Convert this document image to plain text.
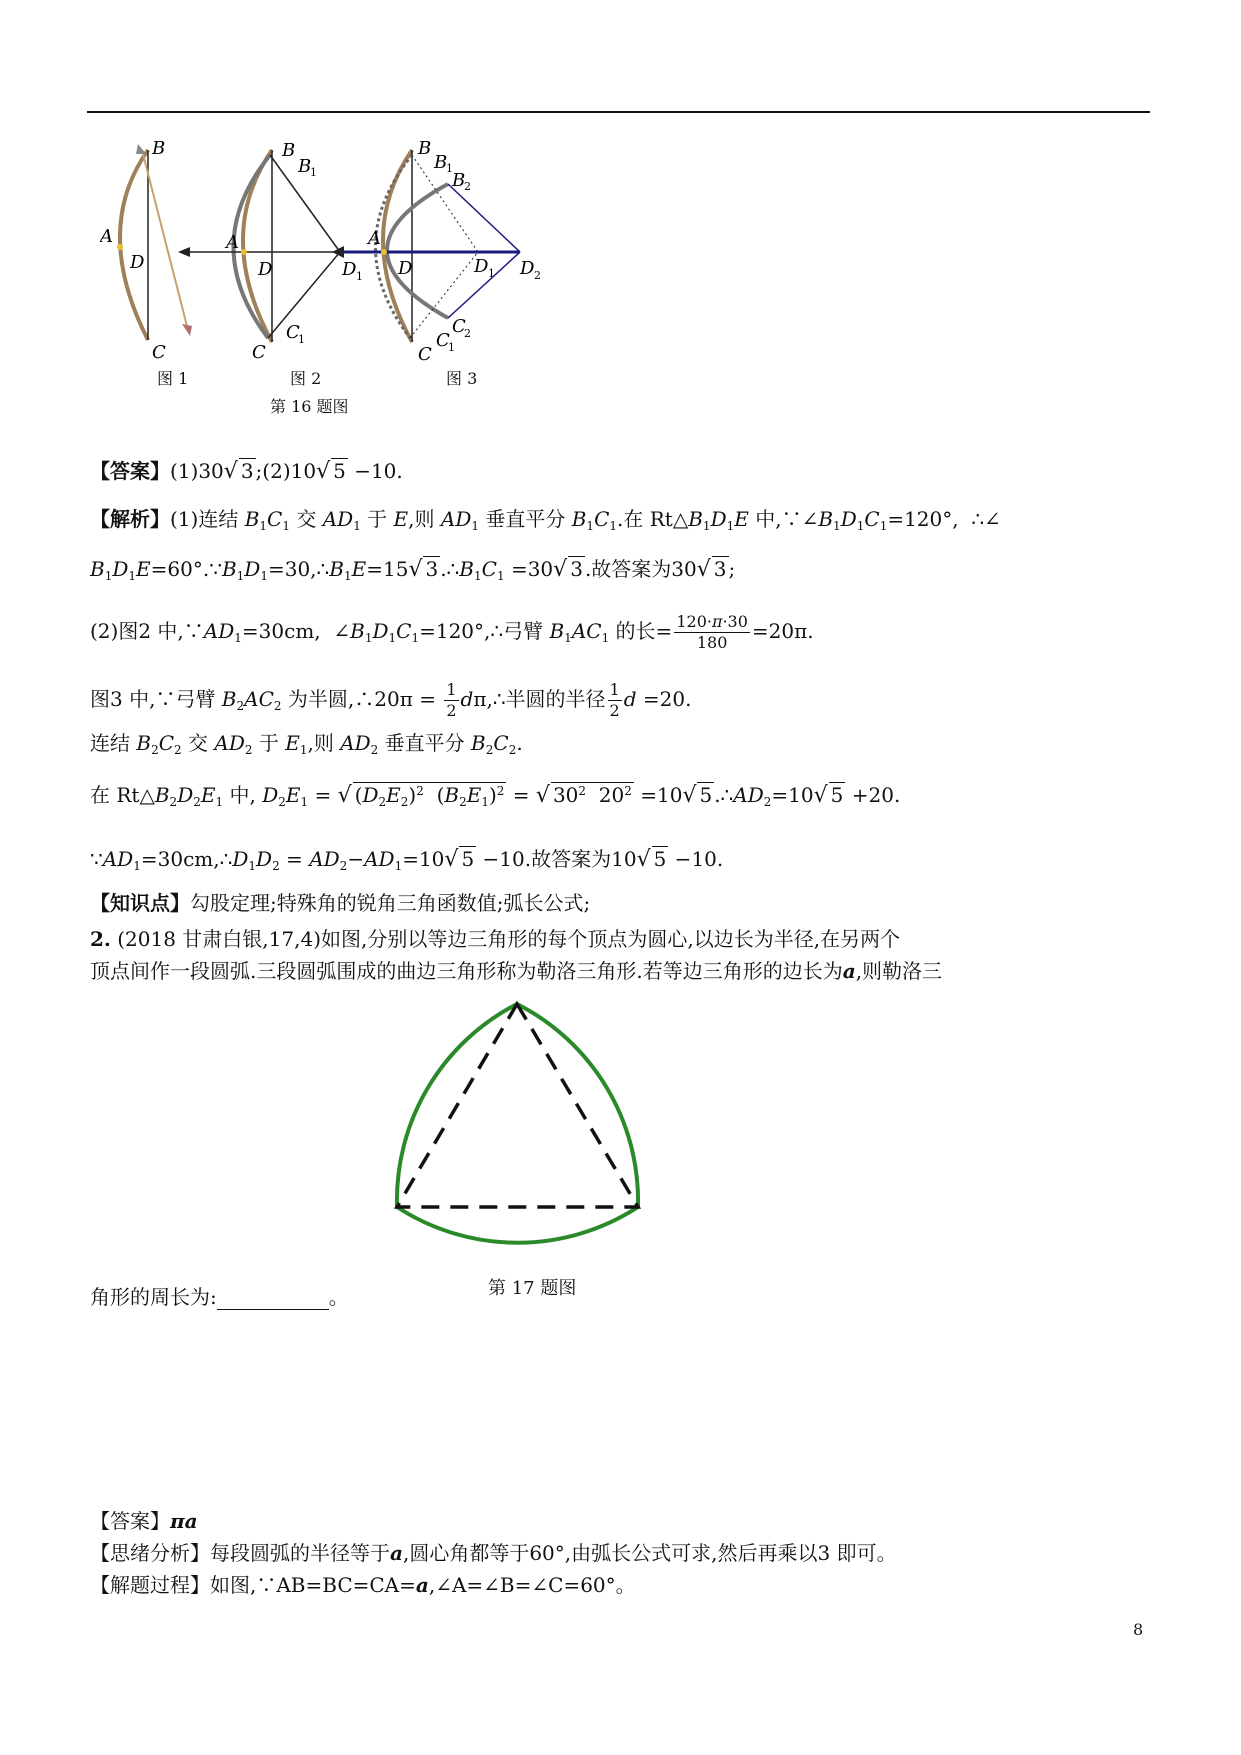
B
A
D
C
B
B
1
A
D	D 1
C
1
C
B
B
1
B
2
A
D	D 1 D 2
C
2
C
1
C
图 1	图 2	图 3
第 16 题图
【答案】(1)30√ 3 ;(2)10√ 5 −10.
【解析】(1)连结 $B_1C_1$ 交 $AD_1$ 于 E,则 $AD_1$ 垂直平分 $B_1C_1$.在 $Rt\triangle B_1D_1E$ 中$,\because\angle B_1D_1C_1=120^\circ$,  ∴∠
$B_1D_1E=60^\circ.\because B_1D_1=30,\therefore B_1E=15√$ 3 $.\therefore B_1C_1 =30√$ 3 .故答案为30√ 3 ;
(2)图2 中$,\because AD_1=30cm$,  $\angle B_1D_1C_1=120^\circ,\therefore$弓臂 $B_1AC_1$ 的长= $\frac{120\cdot\pi\cdot 30}{180} =20\pi$.
图3 中,∵弓臂 $B_2AC_2$ 为半圆,∴20π = $\frac{1}{2}$ dπ,∴半圆的半径 $\frac{1}{2}$ d =20.
连结 $B_2C_2$ 交 $AD_2$ 于 $E_1$,则 $AD_2$ 垂直平分 $B_2C_2$.
在 $Rt\triangle B_2D_2E_1$ 中, $D_2E_1$ = √ $(D_2E_2)^2$  $(B_2E_1)^2$ = √ $30^2$  $20^2 =10√$ 5 $.\therefore AD_2=10√$ 5 +20.
$\because AD_1=30cm,\therefore D_1D_2 = AD_2-AD_1=10√$ 5 −10.故答案为10√ 5 −10.
【知识点】勾股定理;特殊角的锐角三角函数值;弧长公式;
2. (2018 甘肃白银,17,4)如图,分别以等边三角形的每个顶点为圆心,以边长为半径,在另两个
顶点间作一段圆弧.三段圆弧围成的曲边三角形称为勒洛三角形.若等边三角形的边长为a,则勒洛三
第 17 题图
角形的周长为:	。
【答案】πa
【思绪分析】每段圆弧的半径等于a,圆心角都等于60°,由弧长公式可求,然后再乘以3 即可。
【解题过程】如图,∵AB=BC=CA=a,∠A=∠B=∠C=60°。
8
